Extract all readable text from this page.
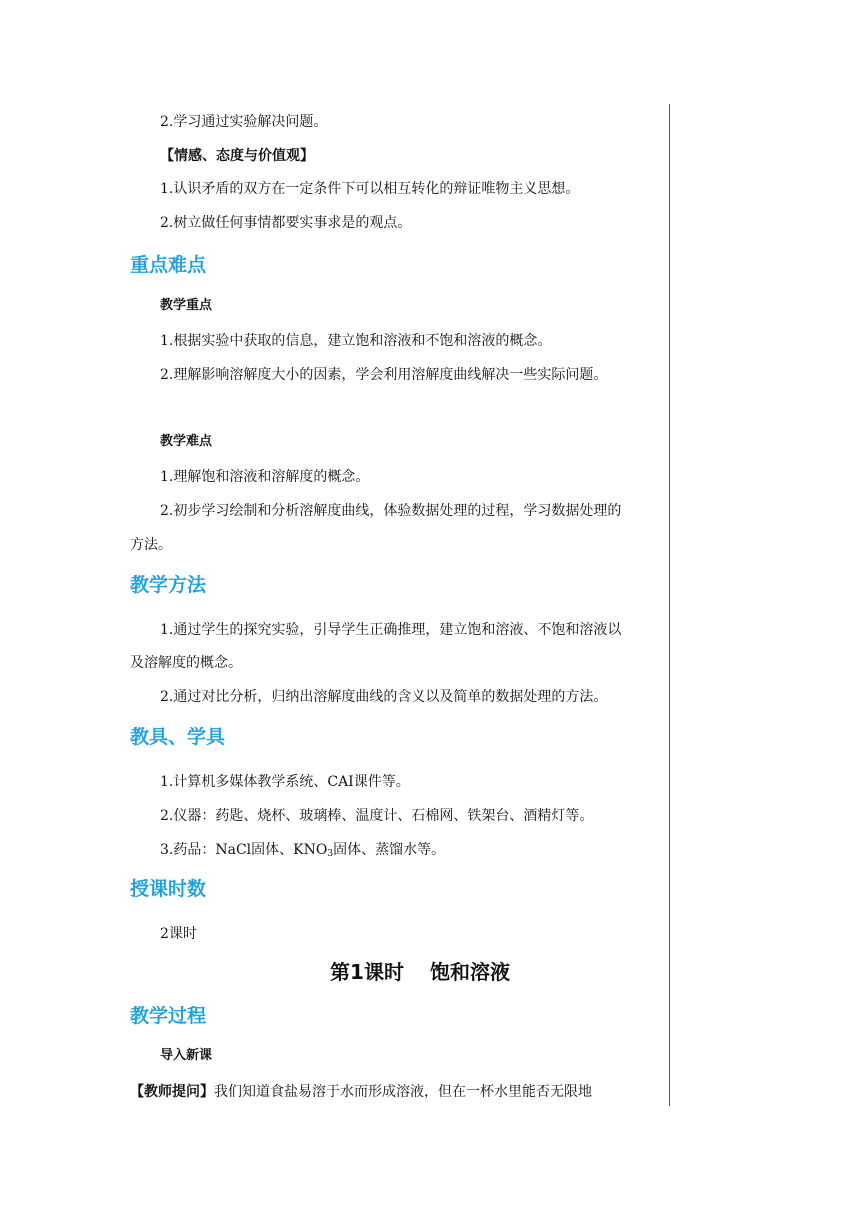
2.学习通过实验解决问题。
【情感、态度与价值观】
1.认识矛盾的双方在一定条件下可以相互转化的辩证唯物主义思想。
2.树立做任何事情都要实事求是的观点。
重点难点
教学重点
1.根据实验中获取的信息，建立饱和溶液和不饱和溶液的概念。
2.理解影响溶解度大小的因素，学会利用溶解度曲线解决一些实际问题。
教学难点
1.理解饱和溶液和溶解度的概念。
2.初步学习绘制和分析溶解度曲线，体验数据处理的过程，学习数据处理的
方法。
教学方法
1.通过学生的探究实验，引导学生正确推理，建立饱和溶液、不饱和溶液以
及溶解度的概念。
2.通过对比分析，归纳出溶解度曲线的含义以及简单的数据处理的方法。
教具、学具
1.计算机多媒体教学系统、CAI课件等。
2.仪器：药匙、烧杯、玻璃棒、温度计、石棉网、铁架台、酒精灯等。
3.药品：NaCl固体、KNO3固体、蒸馏水等。
授课时数
2课时
第1课时 饱和溶液
教学过程
导入新课
【教师提问】我们知道食盐易溶于水而形成溶液，但在一杯水里能否无限地
